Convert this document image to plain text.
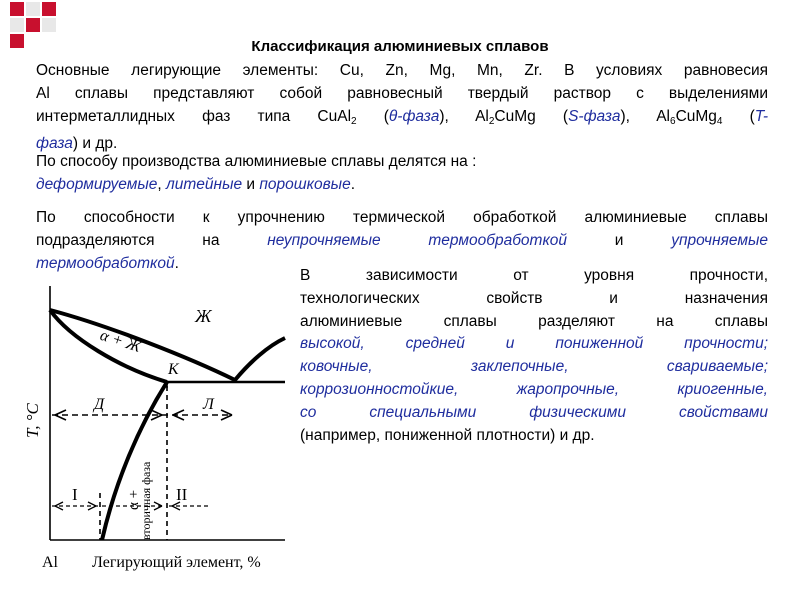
Классификация алюминиевых сплавов
Основные легирующие элементы: Cu, Zn, Mg, Mn, Zr. В условиях равновесия
Al сплавы представляют собой равновесный твердый раствор с выделениями
интерметаллидных фаз типа CuAl$_2$ (θ-фаза), $Al_2CuMg$ (S-фаза), $Al_6CuMg_4$ (T-
фаза) и др.
По способу производства алюминиевые сплавы делятся на :
деформируемые, литейные и порошковые.
По способности к упрочнению термической обработкой алюминиевые сплавы
подразделяются на неупрочняемые термообработкой и упрочняемые
термообработкой.
В зависимости от уровня прочности,
технологических свойств и назначения
алюминиевые сплавы разделяют на сплавы
высокой, средней и пониженной прочности;
ковочные, заклепочные, свариваемые;
коррозионностойкие, жаропрочные, криогенные,
со специальными физическими свойствами
(например, пониженной плотности) и др.
Ж
α + Ж
К
Д	Л
T, °C
I	II
α +
вторичная фаза
Al Легирующий элемент, %
